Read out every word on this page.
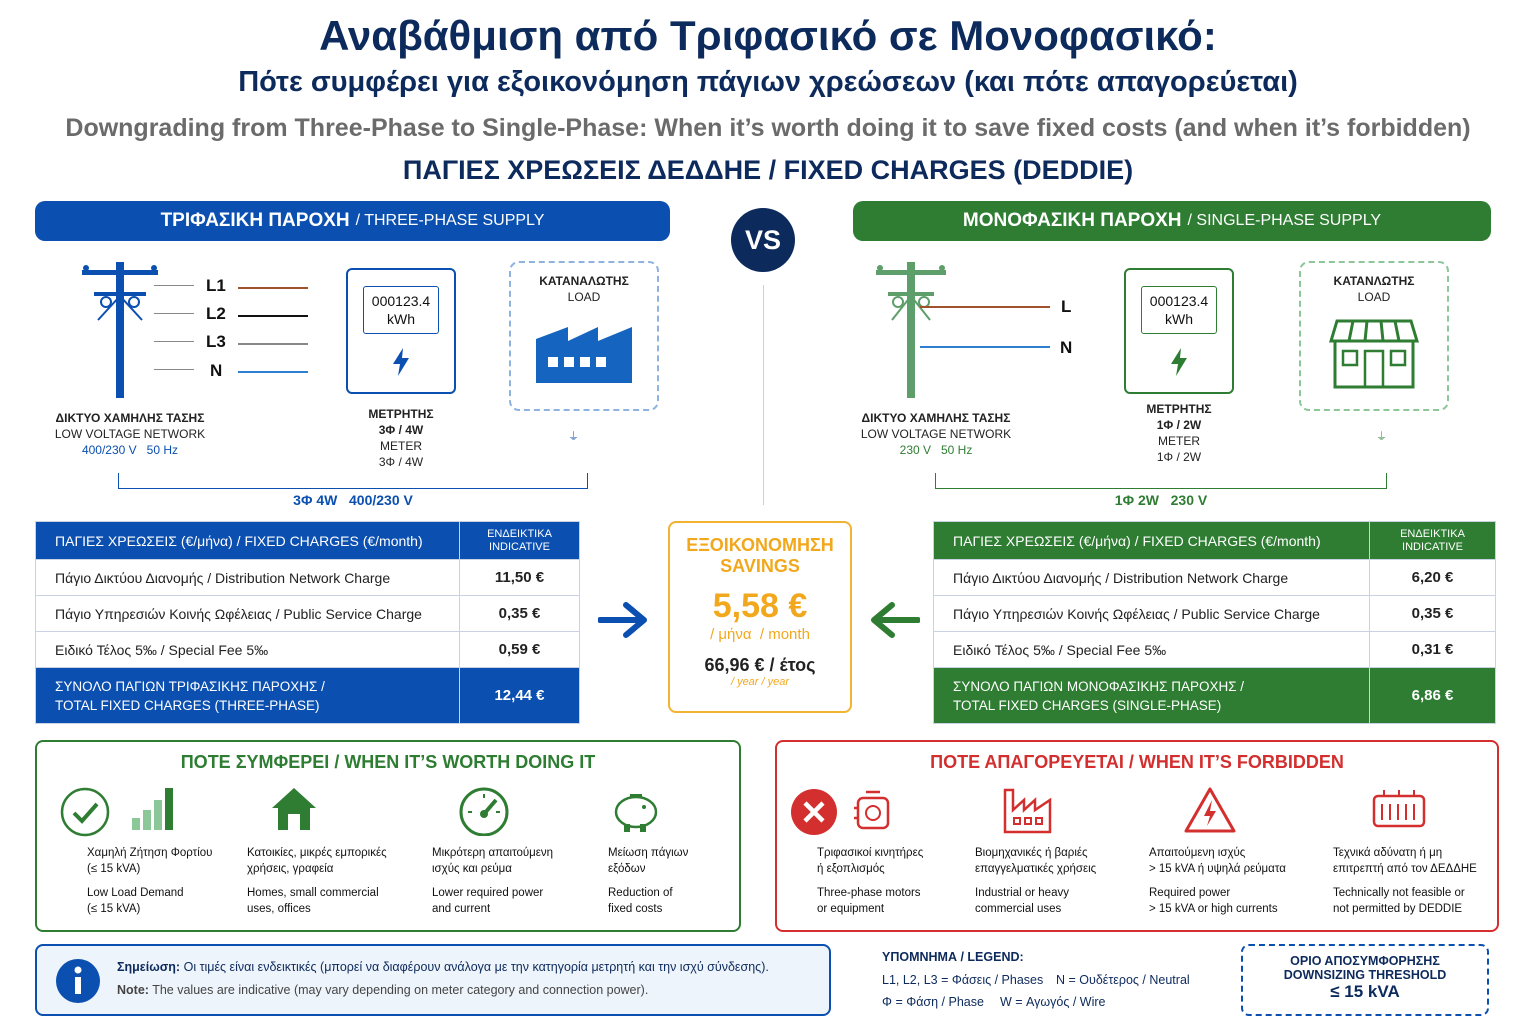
Αναβάθμιση από Τριφασικό σε Μονοφασικό:
Πότε συμφέρει για εξοικονόμηση πάγιων χρεώσεων (και πότε απαγορεύεται)
Downgrading from Three-Phase to Single-Phase: When it’s worth doing it to save fixed costs (and when it’s forbidden)
ΠΑΓΙΕΣ ΧΡΕΩΣΕΙΣ ΔΕΔΔΗΕ / FIXED CHARGES (DEDDIE)
ΤΡΙΦΑΣΙΚΗ ΠΑΡΟΧΗ / THREE-PHASE SUPPLY
VS
ΜΟΝΟΦΑΣΙΚΗ ΠΑΡΟΧΗ / SINGLE-PHASE SUPPLY
L1
L2
L3
N
ΔΙΚΤΥΟ ΧΑΜΗΛΗΣ ΤΑΣΗΣ
LOW VOLTAGE NETWORK
400/230 V   50 Hz
000123.4
kWh
ΜΕΤΡΗΤΗΣ
3Φ / 4W
METER
3Φ / 4W
ΚΑΤΑΝΑΛΩΤΗΣ
LOAD
⏚
3Φ 4W   400/230 V
L
N
ΔΙΚΤΥΟ ΧΑΜΗΛΗΣ ΤΑΣΗΣ
LOW VOLTAGE NETWORK
230 V   50 Hz
000123.4
kWh
ΜΕΤΡΗΤΗΣ
1Φ / 2W
METER
1Φ / 2W
ΚΑΤΑΝΛΩΤΗΣ
LOAD
⏚
1Φ 2W   230 V
ΠΑΓΙΕΣ ΧΡΕΩΣΕΙΣ (€/μήνα) / FIXED CHARGES (€/month)	ΕΝΔΕΙΚΤΙΚΑ INDICATIVE
Πάγιο Δικτύου Διανομής / Distribution Network Charge	11,50 €
Πάγιο Υπηρεσιών Κοινής Ωφέλειας / Public Service Charge	0,35 €
Ειδικό Τέλος 5‰ / Special Fee 5‰	0,59 €

ΣΥΝΟΛΟ ΠΑΓΙΩΝ ΤΡΙΦΑΣΙΚΗΣ ΠΑΡΟΧΗΣ /
TOTAL FIXED CHARGES (THREE-PHASE)	12,44 €
ΕΞΟΙΚΟΝΟΜΗΣΗ
SAVINGS
5,58 €
/ μήνα  / month
66,96 € / έτος
/ year / year
ΠΑΓΙΕΣ ΧΡΕΩΣΕΙΣ (€/μήνα) / FIXED CHARGES (€/month)	ΕΝΔΕΙΚΤΙΚΑ INDICATIVE
Πάγιο Δικτύου Διανομής / Distribution Network Charge	6,20 €
Πάγιο Υπηρεσιών Κοινής Ωφέλειας / Public Service Charge	0,35 €
Ειδικό Τέλος 5‰ / Special Fee 5‰	0,31 €

ΣΥΝΟΛΟ ΠΑΓΙΩΝ ΜΟΝΟΦΑΣΙΚΗΣ ΠΑΡΟΧΗΣ /
TOTAL FIXED CHARGES (SINGLE-PHASE)	6,86 €
ΠΟΤΕ ΣΥΜΦΕΡΕΙ / WHEN IT’S WORTH DOING IT
Χαμηλή Ζήτηση Φορτίου
(≤ 15 kVA)
Low Load Demand
(≤ 15 kVA)
Κατοικίες, μικρές εμπορικές
χρήσεις, γραφεία
Homes, small commercial
uses, offices
Μικρότερη απαιτούμενη
ισχύς και ρεύμα
Lower required power
and current
Μείωση πάγιων
εξόδων
Reduction of
fixed costs
ΠΟΤΕ ΑΠΑΓΟΡΕΥΕΤΑΙ / WHEN IT’S FORBIDDEN
Τριφασικοί κινητήρες
ή εξοπλισμός
Three-phase motors
or equipment
Βιομηχανικές ή βαριές
επαγγελματικές χρήσεις
Industrial or heavy
commercial uses
Απαιτούμενη ισχύς
> 15 kVA ή υψηλά ρεύματα
Required power
> 15 kVA or high currents
Τεχνικά αδύνατη ή μη
επιτρεπτή από τον ΔΕΔΔΗΕ
Technically not feasible or
not permitted by DEDDIE
Σημείωση: Οι τιμές είναι ενδεικτικές (μπορεί να διαφέρουν ανάλογα με την κατηγορία μετρητή και την ισχύ σύνδεσης).
Note: The values are indicative (may vary depending on meter category and connection power).
ΥΠΟΜΝΗΜΑ / LEGEND:
L1, L2, L3 = Φάσεις / Phases N = Ουδέτερος / Neutral
Φ = Φάση / Phase W = Αγωγός / Wire
ΟΡΙΟ ΑΠΟΣΥΜΦΟΡΗΣΗΣ
DOWNSIZING THRESHOLD
≤ 15 kVA
